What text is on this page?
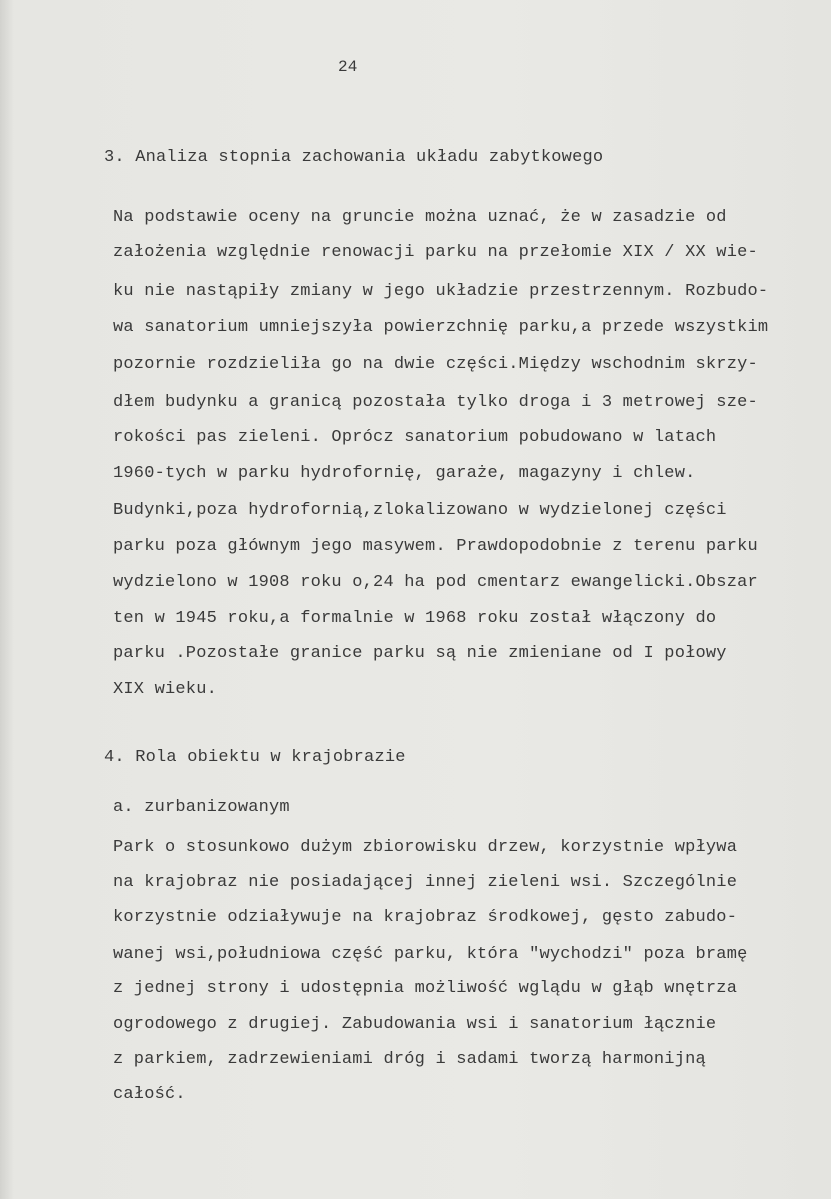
24
3. Analiza stopnia zachowania układu zabytkowego
Na podstawie oceny na gruncie można uznać, że w zasadzie od
założenia względnie renowacji parku na przełomie XIX / XX wie-
ku nie nastąpiły zmiany w jego układzie przestrzennym. Rozbudo-
wa sanatorium umniejszyła powierzchnię parku,a przede wszystkim
pozornie rozdzieliła go na dwie części.Między wschodnim skrzy-
dłem budynku a granicą pozostała tylko droga i 3 metrowej sze-
rokości pas zieleni. Oprócz sanatorium pobudowano w latach
1960-tych w parku hydrofornię, garaże, magazyny i chlew.
Budynki,poza hydrofornią,zlokalizowano w wydzielonej części
parku poza głównym jego masywem. Prawdopodobnie z terenu parku
wydzielono w 1908 roku o,24 ha pod cmentarz ewangelicki.Obszar
ten w 1945 roku,a formalnie w 1968 roku został włączony do
parku .Pozostałe granice parku są nie zmieniane od I połowy
XIX wieku.
4. Rola obiektu w krajobrazie
a. zurbanizowanym
Park o stosunkowo dużym zbiorowisku drzew, korzystnie wpływa
na krajobraz nie posiadającej innej zieleni wsi. Szczególnie
korzystnie odziaływuje na krajobraz środkowej, gęsto zabudo-
wanej wsi,południowa część parku, która "wychodzi" poza bramę
z jednej strony i udostępnia możliwość wglądu w głąb wnętrza
ogrodowego z drugiej. Zabudowania wsi i sanatorium łącznie
z parkiem, zadrzewieniami dróg i sadami tworzą harmonijną
całość.
